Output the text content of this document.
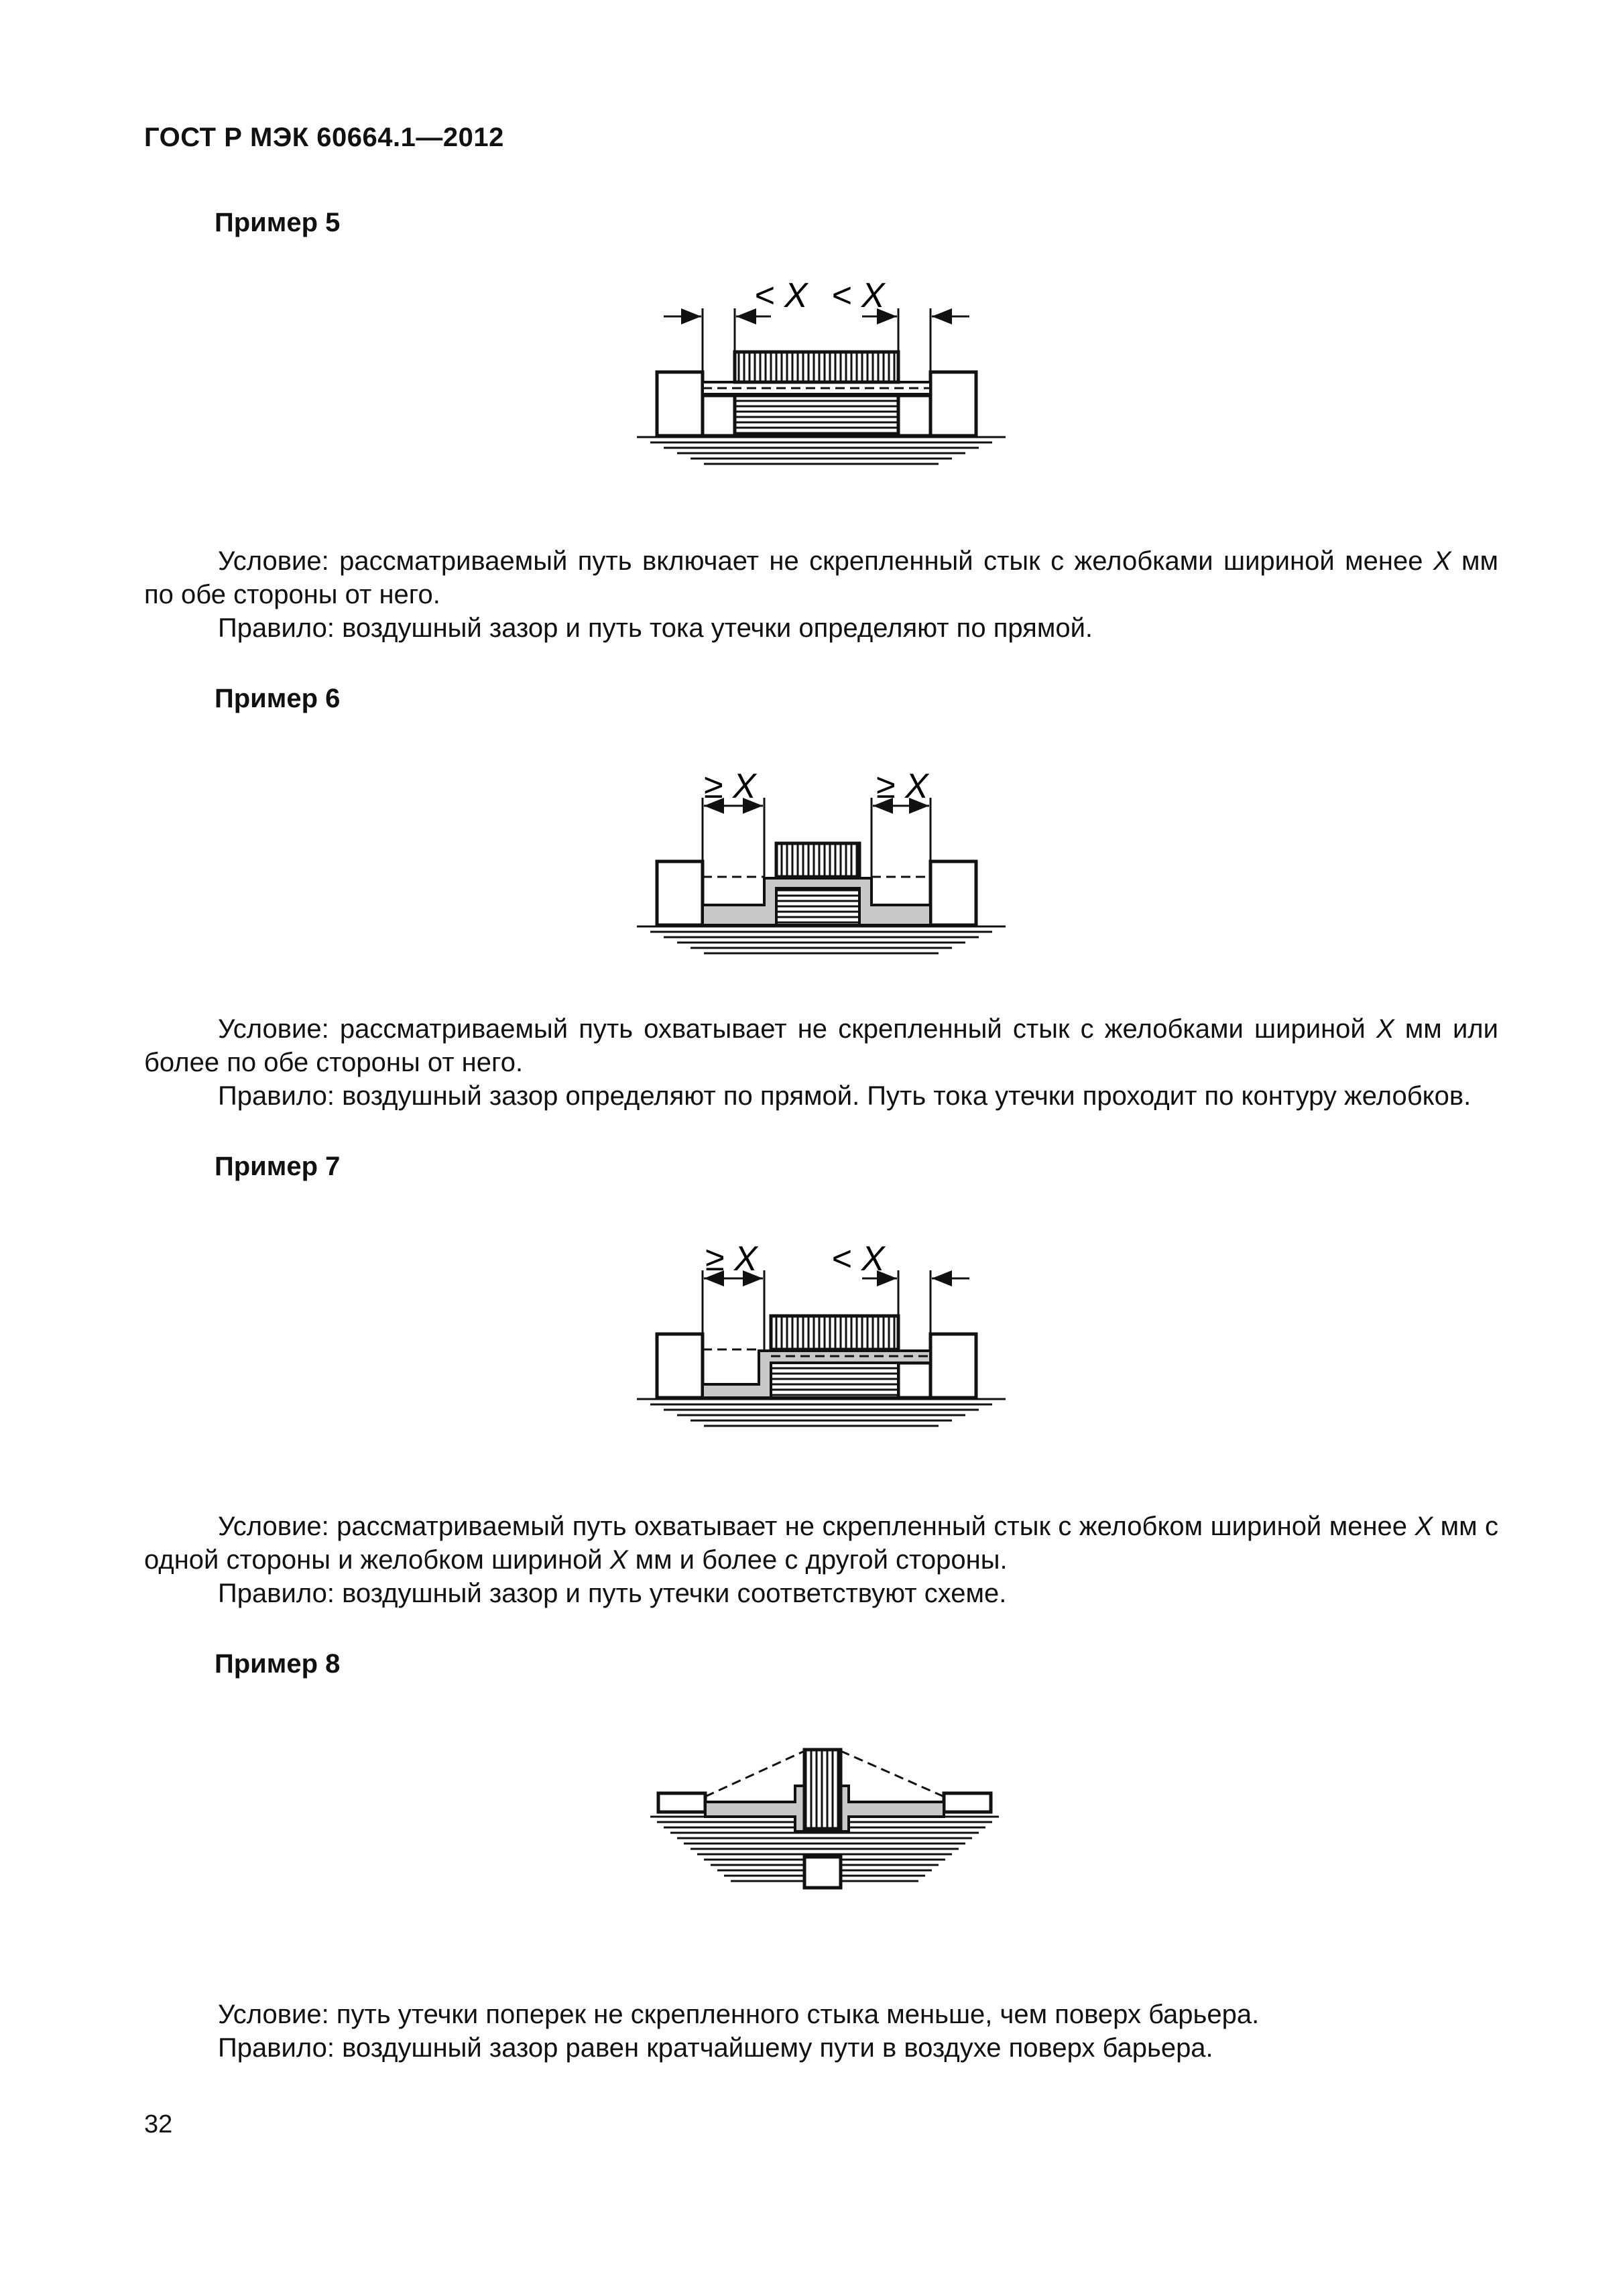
ГОСТ Р МЭК 60664.1—2012
Пример 5
< X < X

Условие: рассматриваемый путь включает не скрепленный стык с желобками шириной менее X мм по обе стороны от него.

Правило: воздушный зазор и путь тока утечки определяют по прямой.

Пример 6
≥ X	≥ X

Условие: рассматриваемый путь охватывает не скрепленный стык с желобками шириной X мм или более по обе стороны от него.

Правило: воздушный зазор определяют по прямой. Путь тока утечки проходит по контуру желобков.

Пример 7
≥ X < X

Условие: рассматриваемый путь охватывает не скрепленный стык с желобком шириной менее X мм с одной стороны и желобком шириной X мм и более с другой стороны.

Правило: воздушный зазор и путь утечки соответствуют схеме.

Пример 8

Условие: путь утечки поперек не скрепленного стыка меньше, чем поверх барьера.

Правило: воздушный зазор равен кратчайшему пути в воздухе поверх барьера.

32
